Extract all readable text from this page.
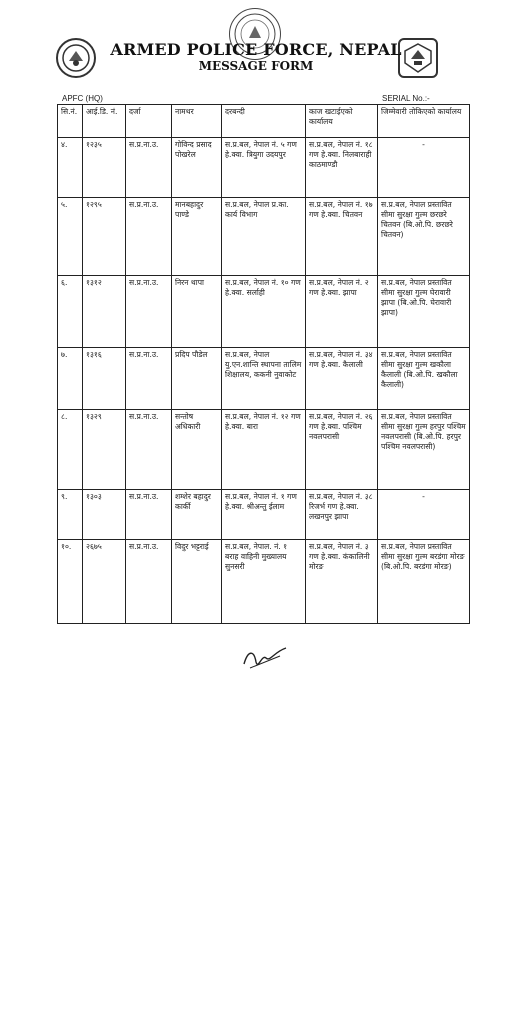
ARMED POLICE FORCE, NEPAL
MESSAGE FORM
APFC (HQ)	SERIAL No.:-
सि.नं.	आई.डि. नं.	दर्जा	नामथर	दरबन्दी	काज खटाईएको कार्यालय	जिम्मेवारी तोकिएको कार्यालय
४.	१२३५	स.प्र.ना.उ.	गोविन्द प्रसाद पोखरेल	स.प्र.बल, नेपाल नं. ५ गण हे.क्वा. त्रियुगा उदयपुर	स.प्र.बल, नेपाल नं. १८ गण हे.क्वा. निलबाराही काठमाण्डौ	-
५.	१२९५	स.प्र.ना.उ.	मानबहादुर पाण्डे	स.प्र.बल, नेपाल प्र.का. कार्य विभाग	स.प्र.बल, नेपाल नं. १७ गण हे.क्वा. चितवन	स.प्र.बल, नेपाल प्रस्तावित सीमा सुरक्षा गुल्म छरछरे चितवन (बि.ओ.पि. छरछरे चितवन)
६.	१३१२	स.प्र.ना.उ.	निरन थापा	स.प्र.बल, नेपाल नं. १० गण हे.क्वा. सर्लाही	स.प्र.बल, नेपाल नं. २ गण हे.क्वा. झापा	स.प्र.बल, नेपाल प्रस्तावित सीमा सुरक्षा गुल्म घेरावारी झापा (बि.ओ.पि. घेरावारी झापा)
७.	१३१६	स.प्र.ना.उ.	प्रदिप पौडेल	स.प्र.बल, नेपाल यु.एन.शान्ति स्थापना तालिम शिक्षालय, ककनी नुवाकोट	स.प्र.बल, नेपाल नं. ३४ गण हे.क्वा. कैलाली	स.प्र.बल, नेपाल प्रस्तावित सीमा सुरक्षा गुल्म खकौला कैलाली (बि.ओ.पि. खकौला कैलाली)
८.	१३२९	स.प्र.ना.उ.	सन्तोष अधिकारी	स.प्र.बल, नेपाल नं. १२ गण हे.क्वा. बारा	स.प्र.बल, नेपाल नं. २६ गण हे.क्वा. पश्चिम नवलपरासी	स.प्र.बल, नेपाल प्रस्तावित सीमा सुरक्षा गुल्म हरपुर पश्चिम नवलपरासी (बि.ओ.पि. हरपुर पश्चिम नवलपरासी)
९.	१३०३	स.प्र.ना.उ.	शम्शेर बहादुर कार्की	स.प्र.बल, नेपाल नं. १ गण हे.क्वा. श्रीअन्तु ईलाम	स.प्र.बल, नेपाल नं. ३८ रिजर्भ गण हे.क्वा. लखनपुर झापा	-
१०.	२६७५	स.प्र.ना.उ.	विदुर भट्टराई	स.प्र.बल, नेपाल. नं. १ बराह वाहिनी मुख्यालय सुनसरी	स.प्र.बल, नेपाल नं. ३ गण हे.क्वा. कंकालिनी मोरङ	स.प्र.बल, नेपाल प्रस्तावित सीमा सुरक्षा गुल्म बरडंगा मोरङ (बि.ओ.पि. बरडंगा मोरङ)
